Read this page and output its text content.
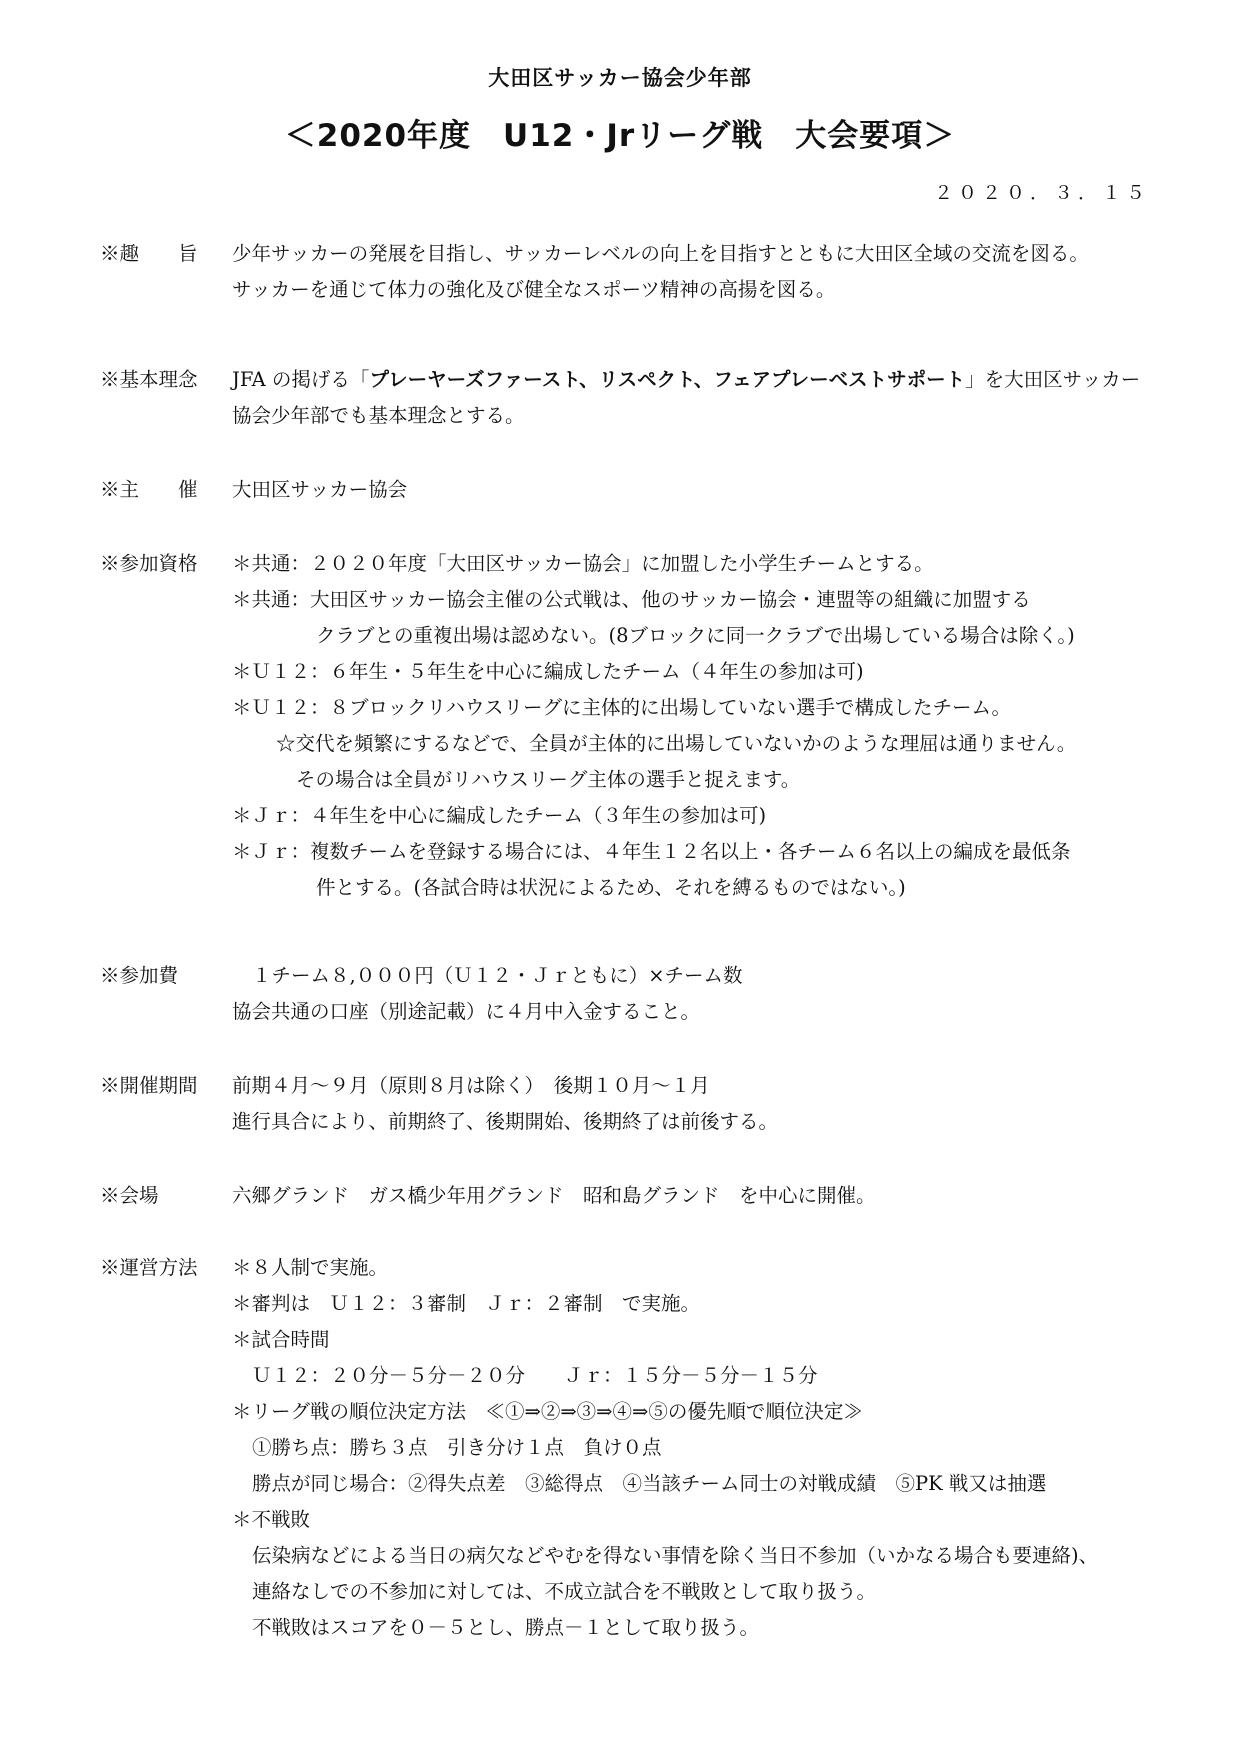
大田区サッカー協会少年部
＜2020年度　U12・Jrリーグ戦　大会要項＞
２０２０．３．１５
※趣　　旨	少年サッカーの発展を目指し、サッカーレベルの向上を目指すとともに大田区全域の交流を図る。
サッカーを通じて体力の強化及び健全なスポーツ精神の高揚を図る。
※基本理念	JFA の掲げる「プレーヤーズファースト、リスペクト、フェアプレーベストサポート」を大田区サッカー
協会少年部でも基本理念とする。
※主　　催	大田区サッカー協会
※参加資格	＊共通：２０２０年度「大田区サッカー協会」に加盟した小学生チームとする。
＊共通：大田区サッカー協会主催の公式戦は、他のサッカー協会・連盟等の組織に加盟する
クラブとの重複出場は認めない。(8ブロックに同一クラブで出場している場合は除く。)
＊Ｕ１２：６年生・５年生を中心に編成したチーム（４年生の参加は可)
＊Ｕ１２：８ブロックリハウスリーグに主体的に出場していない選手で構成したチーム。
☆交代を頻繁にするなどで、全員が主体的に出場していないかのような理屈は通りません。
その場合は全員がリハウスリーグ主体の選手と捉えます。
＊Ｊｒ：４年生を中心に編成したチーム（３年生の参加は可)
＊Ｊｒ：複数チームを登録する場合には、４年生１２名以上・各チーム６名以上の編成を最低条
件とする。(各試合時は状況によるため、それを縛るものではない。)
※参加費	１チーム８,０００円（Ｕ１２・Ｊｒともに）×チーム数
協会共通の口座（別途記載）に４月中入金すること。
※開催期間	前期４月～９月（原則８月は除く）　後期１０月～１月
進行具合により、前期終了、後期開始、後期終了は前後する。
※会場	六郷グランド　ガス橋少年用グランド　昭和島グランド　を中心に開催。
※運営方法	＊８人制で実施。
＊審判は　Ｕ１２：３審制　Ｊｒ：２審制　で実施。
＊試合時間
Ｕ１２：２０分－５分－２０分　　Ｊｒ：１５分－５分－１５分
＊リーグ戦の順位決定方法　≪①⇒②⇒③⇒④⇒⑤の優先順で順位決定≫
①勝ち点：勝ち３点　引き分け１点　負け０点
勝点が同じ場合：②得失点差　③総得点　④当該チーム同士の対戦成績　⑤PK 戦又は抽選
＊不戦敗
伝染病などによる当日の病欠などやむを得ない事情を除く当日不参加（いかなる場合も要連絡)、
連絡なしでの不参加に対しては、不成立試合を不戦敗として取り扱う。
不戦敗はスコアを０－５とし、勝点－１として取り扱う。
